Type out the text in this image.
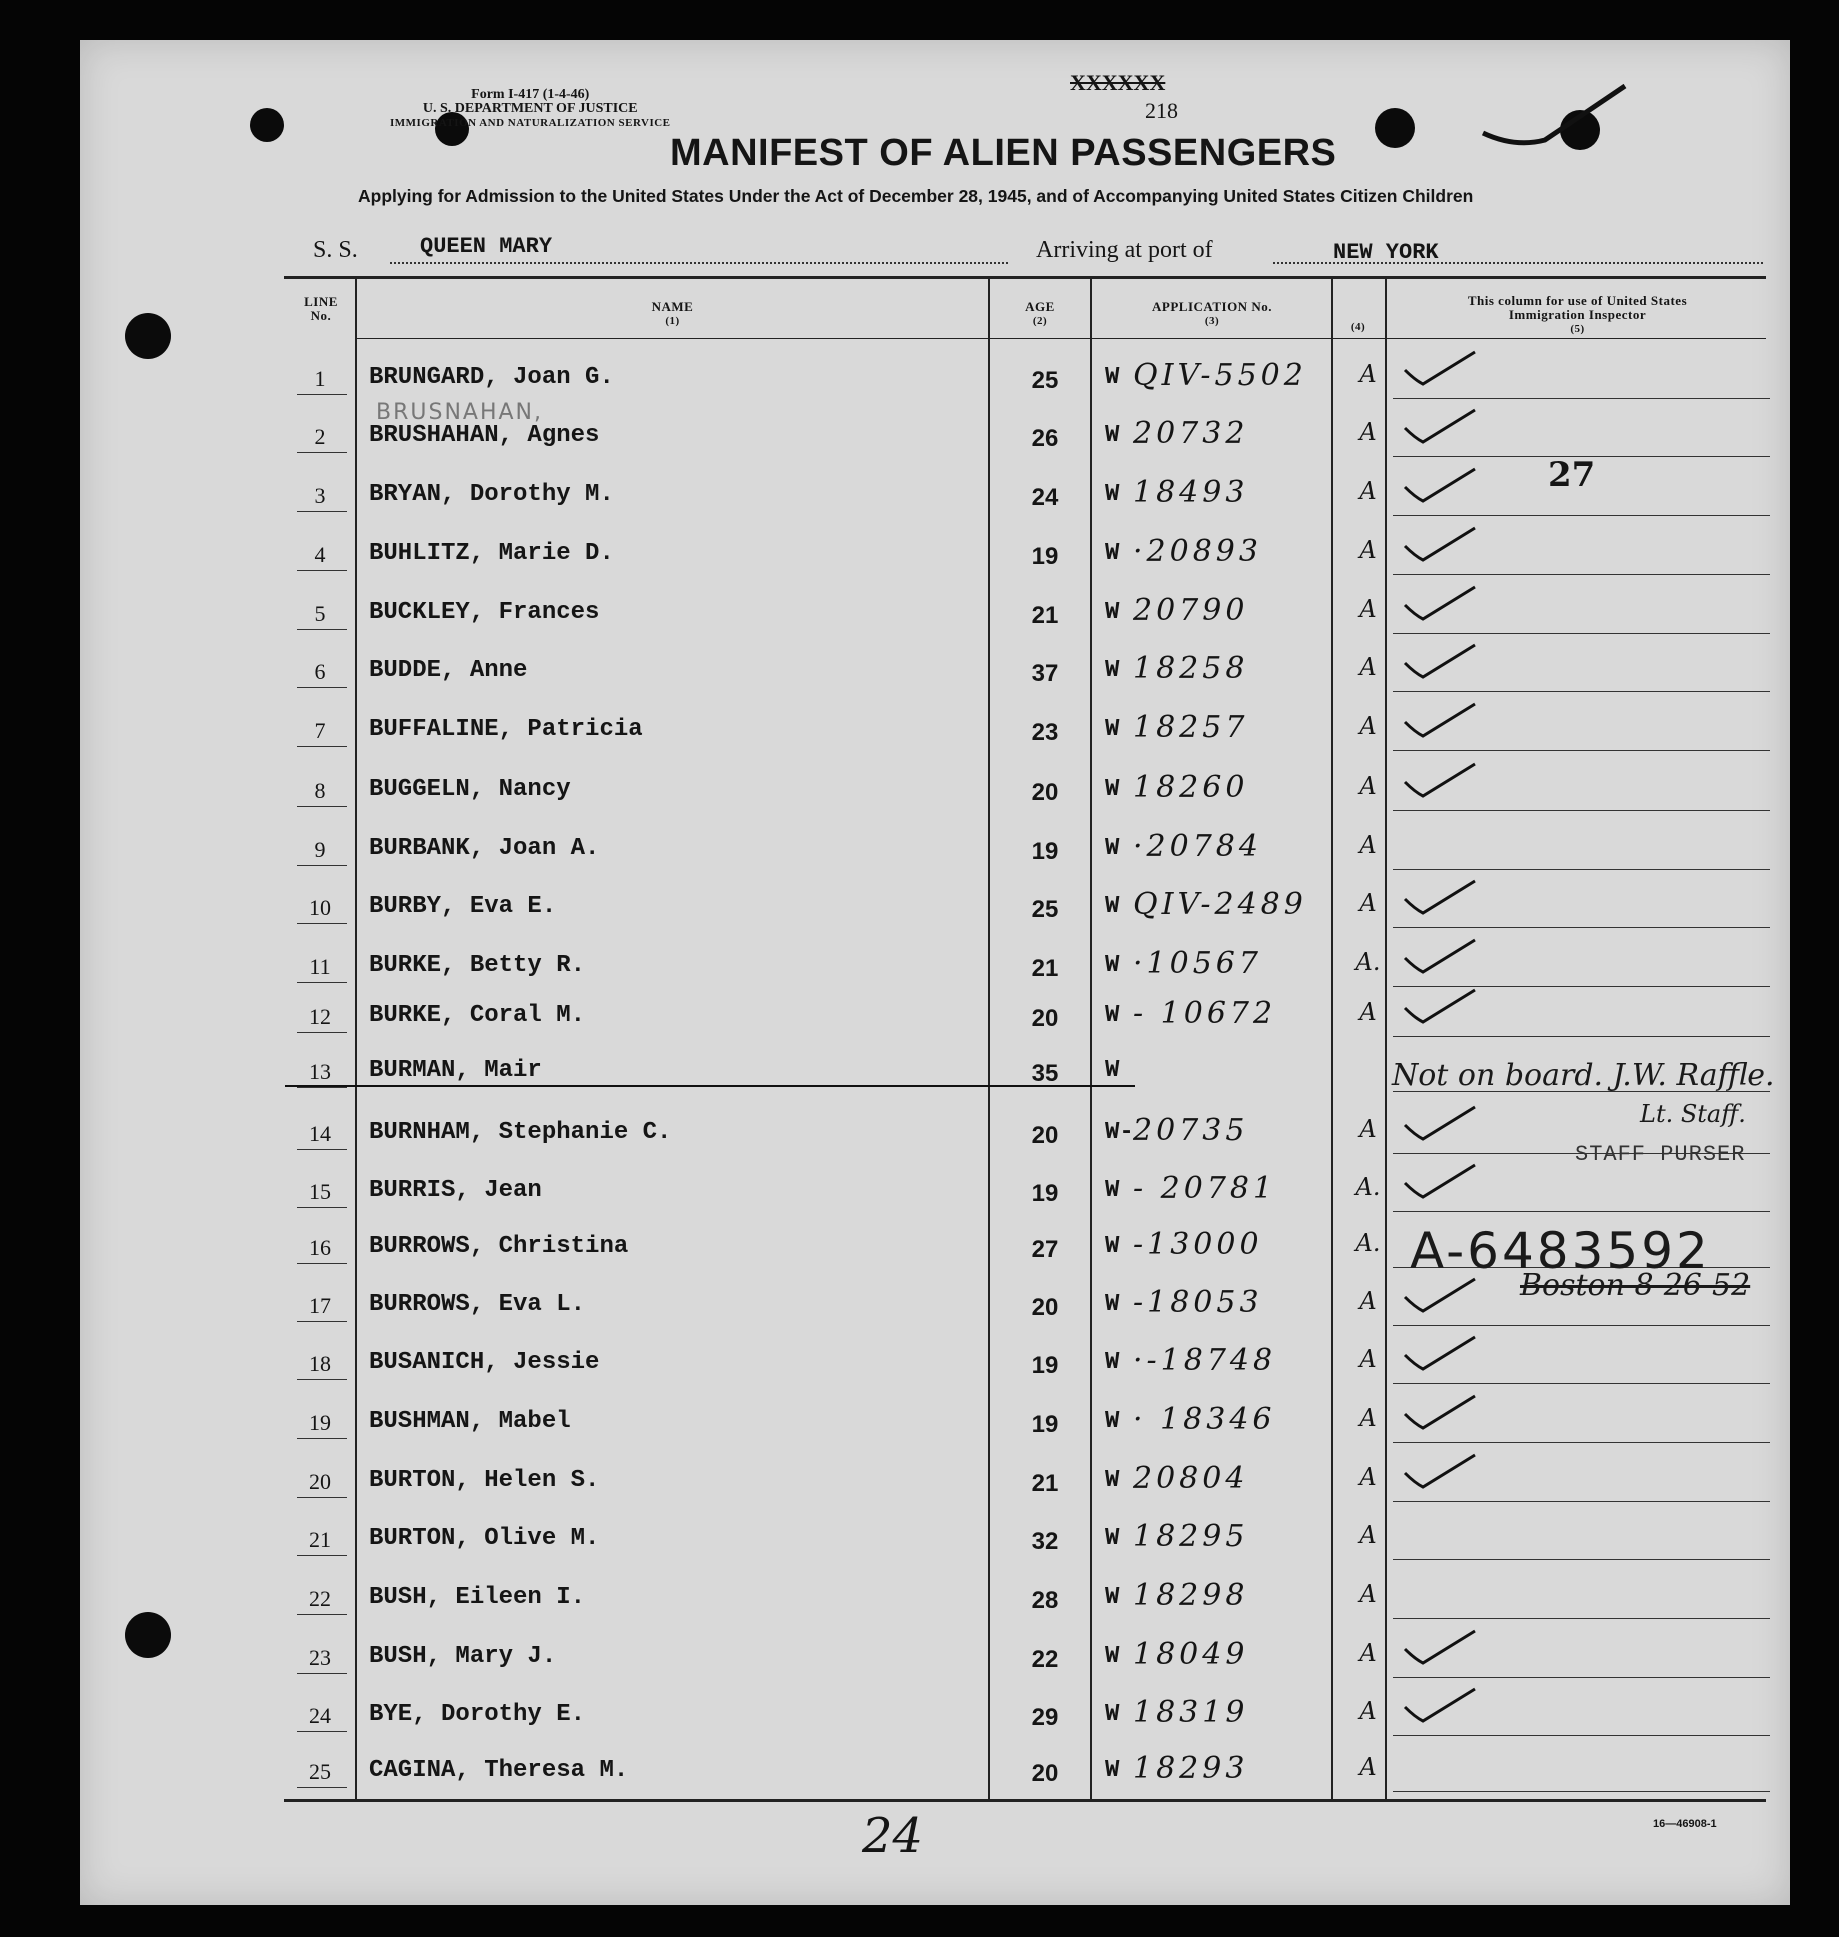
Form I-417 (1-4-46)
U. S. DEPARTMENT OF JUSTICE
IMMIGRATION AND NATURALIZATION SERVICE
XXXXXX
218
MANIFEST OF ALIEN PASSENGERS
Applying for Admission to the United States Under the Act of December 28, 1945, and of Accompanying United States Citizen Children
S. S.	QUEEN MARY	Arriving at port of	NEW YORK
LINE
No.
NAME
(1)
AGE
(2)
APPLICATION No.
(3)	(4)
This column for use of United States
Immigration Inspector
(5)
1	BRUNGARD, Joan G.	25	W QIV-5502	A
2	BRUSHAHAN, Agnes	26	W 20732	A
3	BRYAN, Dorothy M.	24	W 18493	A
4	BUHLITZ, Marie D.	19	W ·20893	A
5	BUCKLEY, Frances	21	W 20790	A
6	BUDDE, Anne	37	W 18258	A
7	BUFFALINE, Patricia	23	W 18257	A
8	BUGGELN, Nancy	20	W 18260	A
9	BURBANK, Joan A.	19	W ·20784	A
10	BURBY, Eva E.	25	W QIV-2489	A
11	BURKE, Betty R.	21	W ·10567	A.
12	BURKE, Coral M.	20	W - 10672	A
13	BURMAN, Mair	35	W
14	BURNHAM, Stephanie C.	20	W- 20735	A
15	BURRIS, Jean	19	W - 20781	A.
16	BURROWS, Christina	27	W -13000	A.
17	BURROWS, Eva L.	20	W -18053	A
18	BUSANICH, Jessie	19	W ·-18748	A
19	BUSHMAN, Mabel	19	W · 18346	A
20	BURTON, Helen S.	21	W 20804	A
21	BURTON, Olive M.	32	W 18295	A
22	BUSH, Eileen I.	28	W 18298	A
23	BUSH, Mary J.	22	W 18049	A
24	BYE, Dorothy E.	29	W 18319	A
25	CAGINA, Theresa M.	20	W 18293	A
BRUSNAHAN,
27
Not on board. J.W. Raffle.
Lt. Staff.
STAFF PURSER
A-6483592
Boston 8-26-52
24	16—46908-1
